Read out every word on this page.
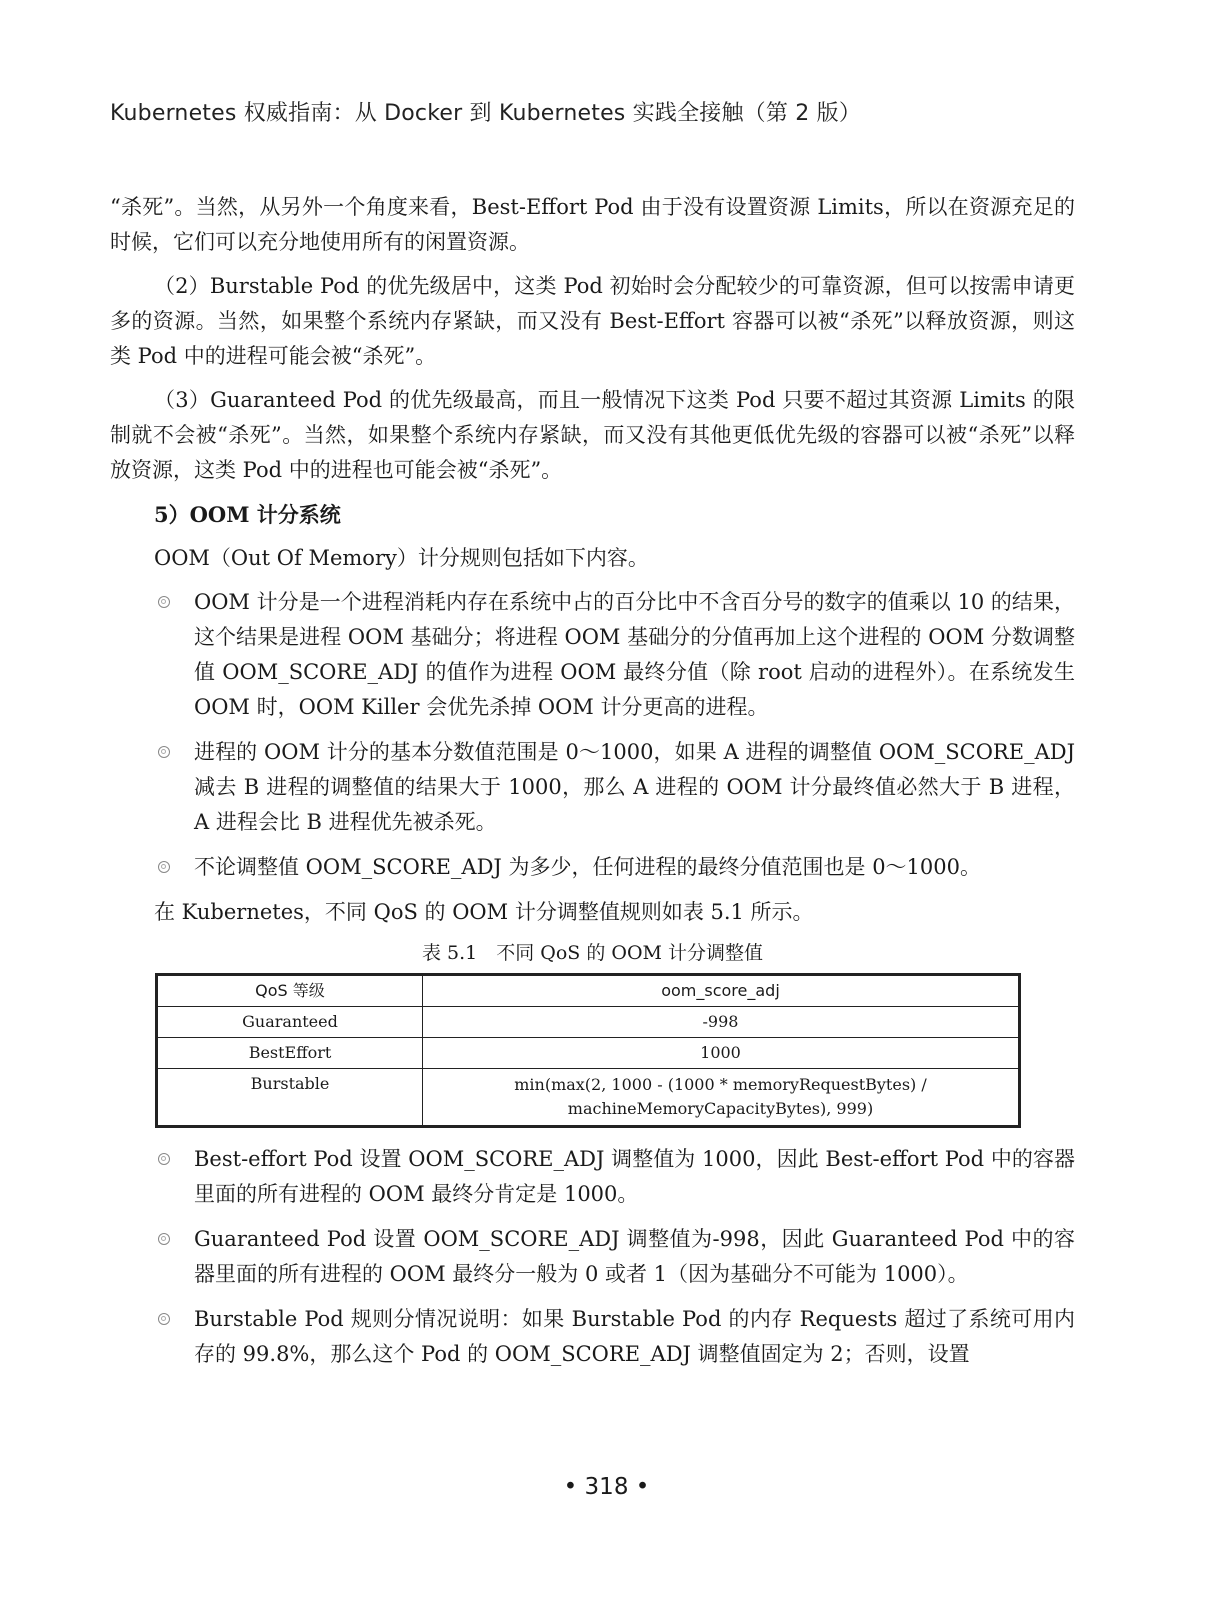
Kubernetes 权威指南：从 Docker 到 Kubernetes 实践全接触（第 2 版）

“杀死”。当然，从另外一个角度来看，Best-Effort Pod 由于没有设置资源 Limits，所以在资源充足的时候，它们可以充分地使用所有的闲置资源。

（2）Burstable Pod 的优先级居中，这类 Pod 初始时会分配较少的可靠资源，但可以按需申请更多的资源。当然，如果整个系统内存紧缺，而又没有 Best-Effort 容器可以被“杀死”以释放资源，则这类 Pod 中的进程可能会被“杀死”。

（3）Guaranteed Pod 的优先级最高，而且一般情况下这类 Pod 只要不超过其资源 Limits 的限制就不会被“杀死”。当然，如果整个系统内存紧缺，而又没有其他更低优先级的容器可以被“杀死”以释放资源，这类 Pod 中的进程也可能会被“杀死”。

5）OOM 计分系统

OOM（Out Of Memory）计分规则包括如下内容。

OOM 计分是一个进程消耗内存在系统中占的百分比中不含百分号的数字的值乘以 10 的结果，这个结果是进程 OOM 基础分；将进程 OOM 基础分的分值再加上这个进程的 OOM 分数调整值 OOM_SCORE_ADJ 的值作为进程 OOM 最终分值（除 root 启动的进程外）。在系统发生 OOM 时，OOM Killer 会优先杀掉 OOM 计分更高的进程。
进程的 OOM 计分的基本分数值范围是 0～1000，如果 A 进程的调整值 OOM_SCORE_ADJ 减去 B 进程的调整值的结果大于 1000，那么 A 进程的 OOM 计分最终值必然大于 B 进程，A 进程会比 B 进程优先被杀死。
不论调整值 OOM_SCORE_ADJ 为多少，任何进程的最终分值范围也是 0～1000。

在 Kubernetes，不同 QoS 的 OOM 计分调整值规则如表 5.1 所示。

表 5.1　不同 QoS 的 OOM 计分调整值
QoS 等级	oom_score_adj
Guaranteed	-998
BestEffort	1000
Burstable	min(max(2, 1000 - (1000 * memoryRequestBytes) /
machineMemoryCapacityBytes), 999)
Best-effort Pod 设置 OOM_SCORE_ADJ 调整值为 1000，因此 Best-effort Pod 中的容器里面的所有进程的 OOM 最终分肯定是 1000。
Guaranteed Pod 设置 OOM_SCORE_ADJ 调整值为-998，因此 Guaranteed Pod 中的容器里面的所有进程的 OOM 最终分一般为 0 或者 1（因为基础分不可能为 1000）。
Burstable Pod 规则分情况说明：如果 Burstable Pod 的内存 Requests 超过了系统可用内存的 99.8%，那么这个 Pod 的 OOM_SCORE_ADJ 调整值固定为 2；否则，设置
• 318 •
